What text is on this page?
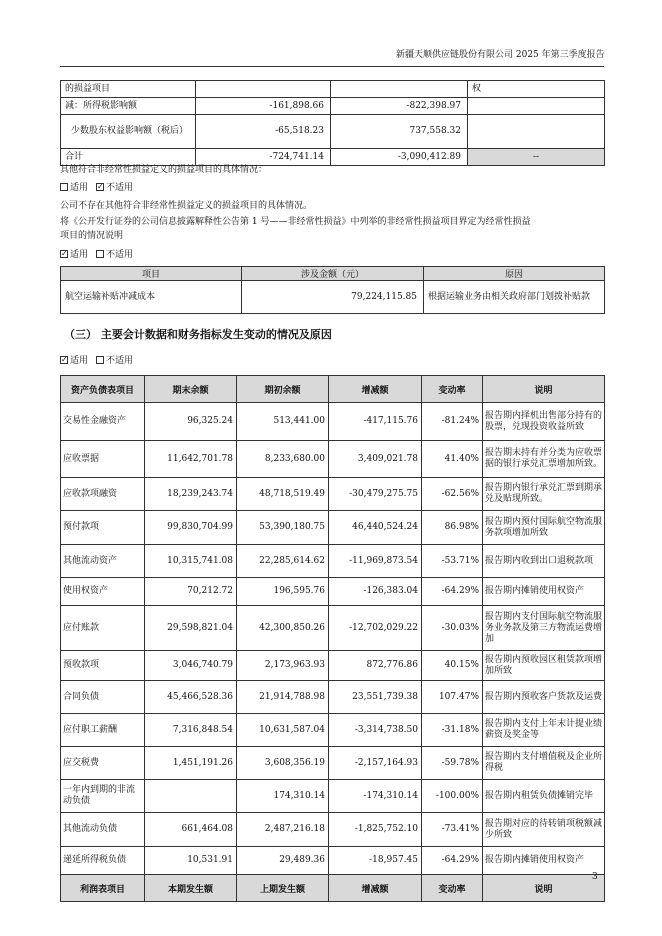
新疆天顺供应链股份有限公司 2025 年第三季度报告
的损益项目			权
减：所得税影响额	-161,898.66	-822,398.97	
少数股东权益影响额（税后）	-65,518.23	737,558.32	
合计	-724,741.14	-3,090,412.89	--
其他符合非经常性损益定义的损益项目的具体情况：
适用 ✓ 不适用
公司不存在其他符合非经常性损益定义的损益项目的具体情况。
将《公开发行证券的公司信息披露解释性公告第 1 号——非经常性损益》中列举的非经常性损益项目界定为经常性损益
项目的情况说明
✓适用 不适用
项目	涉及金额（元）	原因
航空运输补贴冲减成本	79,224,115.85	根据运输业务由相关政府部门划拨补贴款
（三） 主要会计数据和财务指标发生变动的情况及原因
✓适用 不适用
资产负债表项目	期末余额	期初余额	增减额	变动率	说明
交易性金融资产	96,325.24	513,441.00	-417,115.76	-81.24%	报告期内择机出售部分持有的股票，兑现投资收益所致
应收票据	11,642,701.78	8,233,680.00	3,409,021.78	41.40%	报告期末持有并分类为应收票据的银行承兑汇票增加所致。
应收款项融资	18,239,243.74	48,718,519.49	-30,479,275.75	-62.56%	报告期内银行承兑汇票到期承兑及贴现所致。
预付款项	99,830,704.99	53,390,180.75	46,440,524.24	86.98%	报告期内预付国际航空物流服务款项增加所致
其他流动资产	10,315,741.08	22,285,614.62	-11,969,873.54	-53.71%	报告期内收到出口退税款项
使用权资产	70,212.72	196,595.76	-126,383.04	-64.29%	报告期内摊销使用权资产
应付账款	29,598,821.04	42,300,850.26	-12,702,029.22	-30.03%	报告期内支付国际航空物流服务业务款及第三方物流运费增加
预收款项	3,046,740.79	2,173,963.93	872,776.86	40.15%	报告期内预收园区租赁款项增加所致
合同负债	45,466,528.36	21,914,788.98	23,551,739.38	107.47%	报告期内预收客户货款及运费
应付职工薪酬	7,316,848.54	10,631,587.04	-3,314,738.50	-31.18%	报告期内支付上年末计提业绩薪资及奖金等
应交税费	1,451,191.26	3,608,356.19	-2,157,164.93	-59.78%	报告期内支付增值税及企业所得税
一年内到期的非流动负债		174,310.14	-174,310.14	-100.00%	报告期内租赁负债摊销完毕
其他流动负债	661,464.08	2,487,216.18	-1,825,752.10	-73.41%	报告期对应的待转销项税额减少所致
递延所得税负债	10,531.91	29,489.36	-18,957.45	-64.29%	报告期内摊销使用权资产
利润表项目	本期发生额	上期发生额	增减额	变动率	说明
3
